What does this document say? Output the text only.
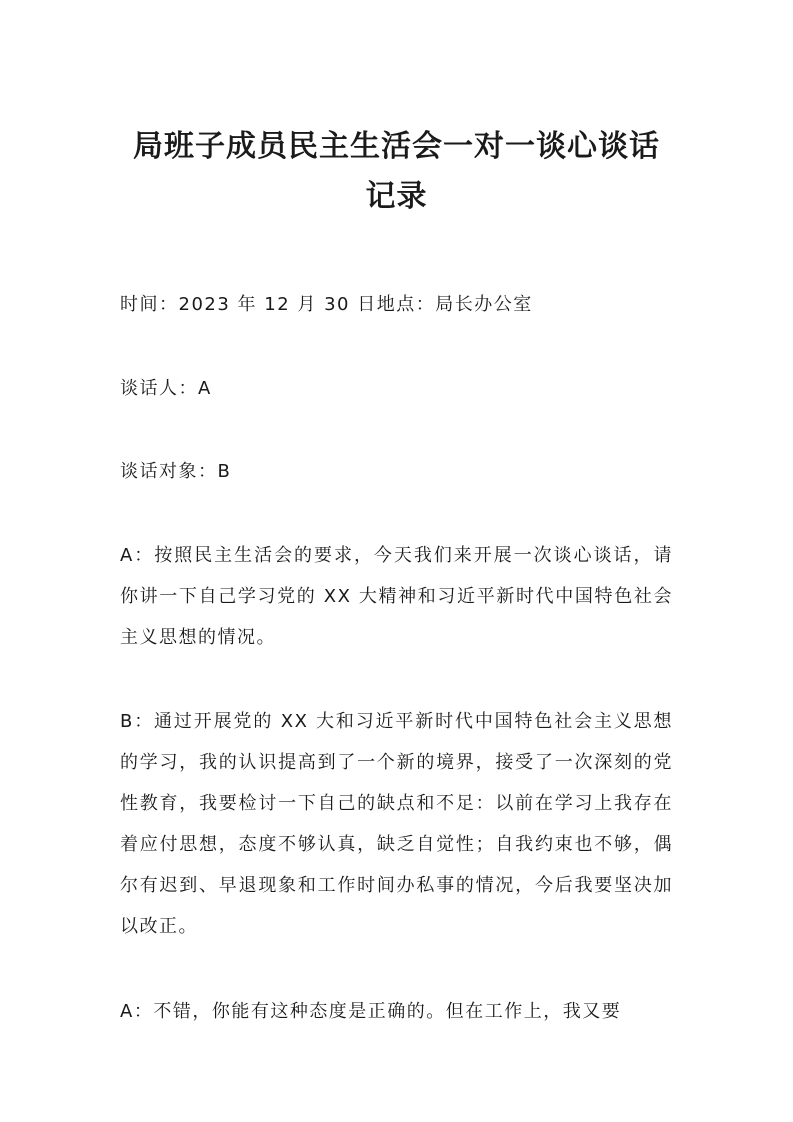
局班子成员民主生活会一对一谈心谈话记录

时间：2023 年 12 月 30 日地点：局长办公室

谈话人：A

谈话对象：B

A：按照民主生活会的要求，今天我们来开展一次谈心谈话，请你讲一下自己学习党的 XX 大精神和习近平新时代中国特色社会主义思想的情况。

B：通过开展党的 XX 大和习近平新时代中国特色社会主义思想的学习，我的认识提高到了一个新的境界，接受了一次深刻的党性教育，我要检讨一下自己的缺点和不足：以前在学习上我存在着应付思想，态度不够认真，缺乏自觉性；自我约束也不够，偶尔有迟到、早退现象和工作时间办私事的情况，今后我要坚决加以改正。

A：不错，你能有这种态度是正确的。但在工作上，我又要
